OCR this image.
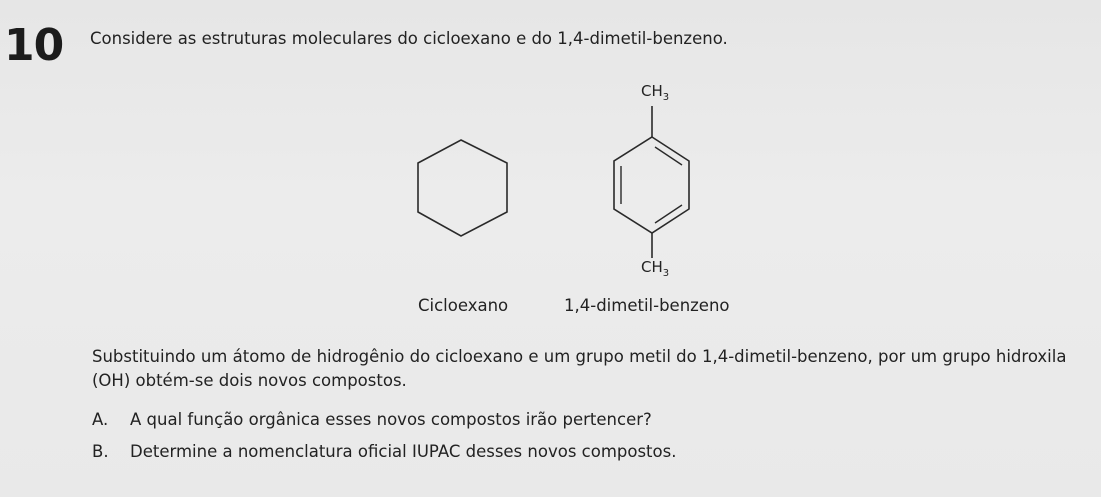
10 Considere as estruturas moleculares do cicloexano e do 1,4-dimetil-benzeno.
$CH_3$
$CH_3$
Cicloexano	1,4-dimetil-benzeno
Substituindo um átomo de hidrogênio do cicloexano e um grupo metil do 1,4-dimetil-benzeno, por um grupo hidroxila (OH) obtém-se dois novos compostos.
A. A qual função orgânica esses novos compostos irão pertencer?
B. Determine a nomenclatura oficial IUPAC desses novos compostos.
